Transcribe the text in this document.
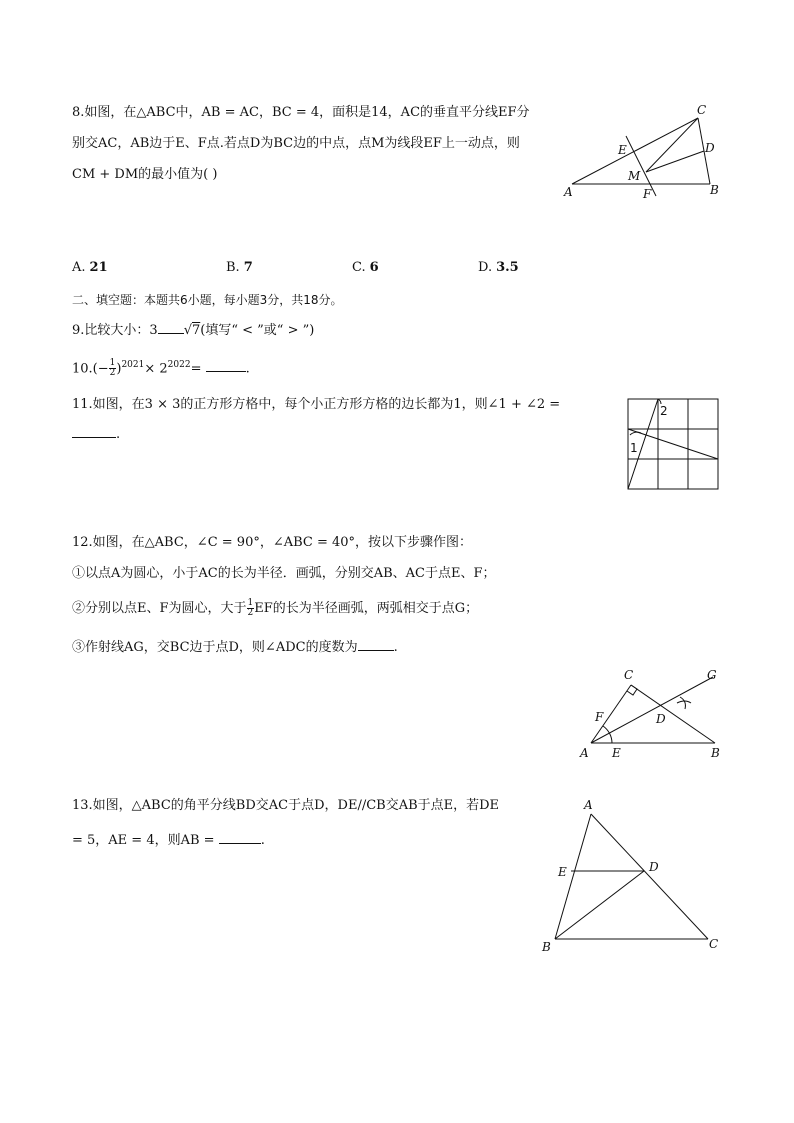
8.如图，在△ABC中，AB = AC，BC = 4，面积是14，AC的垂直平分线EF分
别交AC，AB边于E、F点.若点D为BC边的中点，点M为线段EF上一动点，则
CM + DM的最小值为( )
A	B
C
D
E
F
M
A. 21	B. 7	C. 6	D. 3.5
二、填空题：本题共6小题，每小题3分，共18分。
9.比较大小：3 √7(填写“ < ”或“ > ”)
$10.(- \frac{1}{2} )^{2021}\times 2^{2022}=$	.
11.如图，在3 × 3的正方形方格中，每个小正方形方格的边长都为1，则∠1 + ∠2 =
.
1
2
12.如图，在△ABC，∠C = 90°，∠ABC = 40°，按以下步骤作图：
①以点A为圆心，小于AC的长为半径．画弧，分别交AB、AC于点E、F；
②分别以点E、F为圆心，大于 $\frac{1}{2}$ EF的长为半径画弧，两弧相交于点G；
③作射线AG，交BC边于点D，则∠ADC的度数为	.
A	B
C
D
E
F
G
13.如图，△ABC的角平分线BD交AC于点D，DE//CB交AB于点E，若DE
= 5，AE = 4，则AB =	.
A
B	C
D
E
